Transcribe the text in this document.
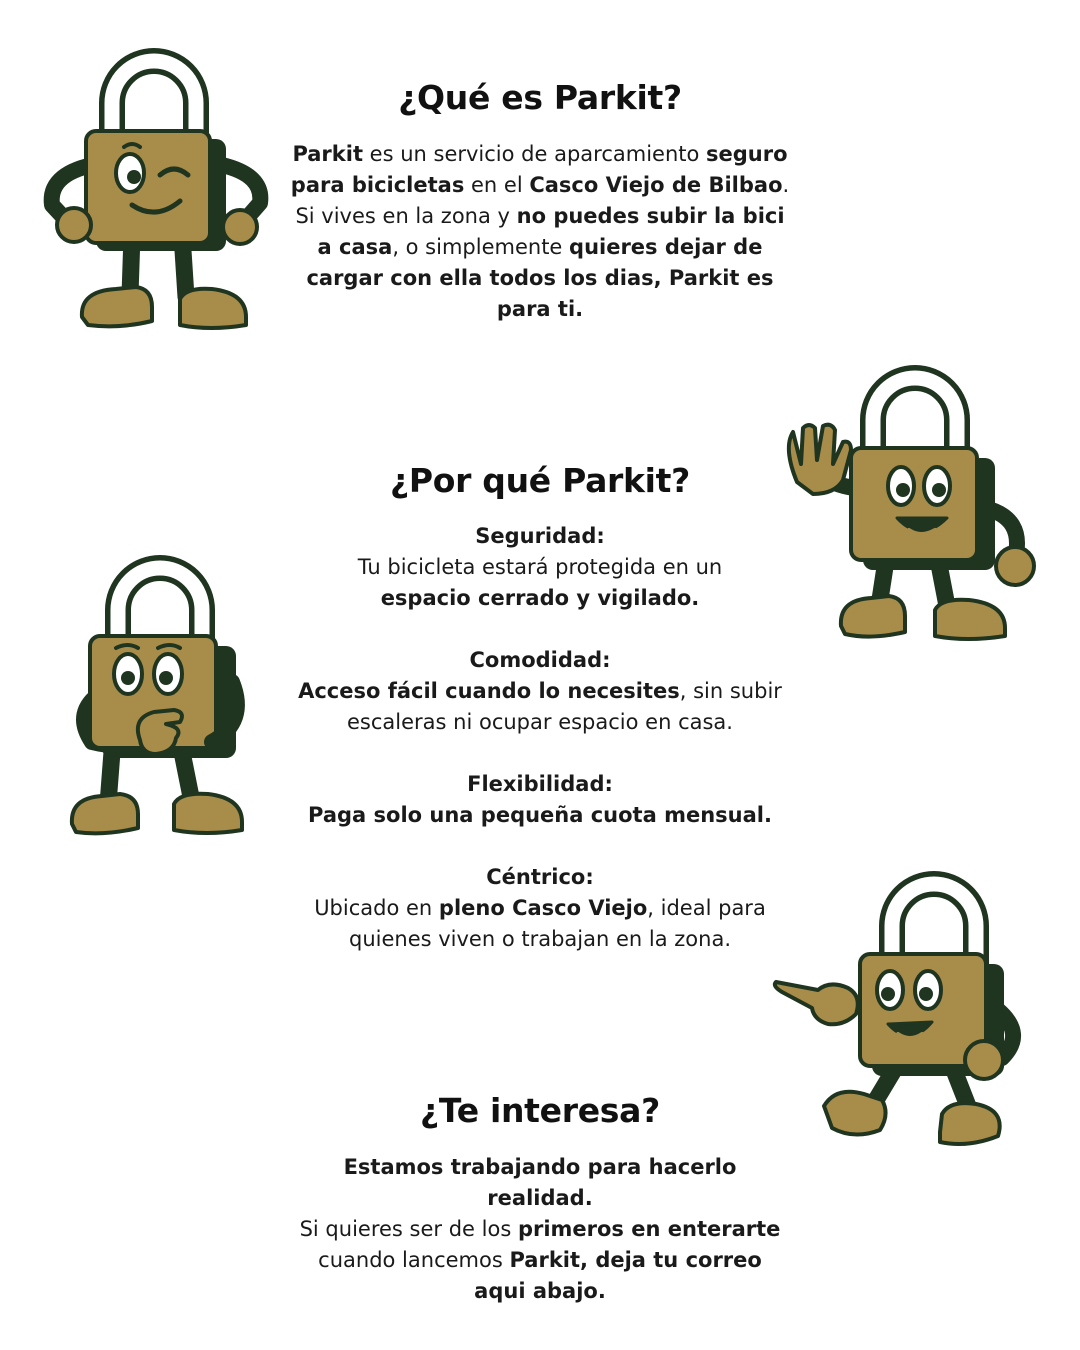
¿Qué es Parkit?

Parkit es un servicio de aparcamiento seguro para bicicletas en el Casco Viejo de Bilbao. Si vives en la zona y no puedes subir la bici a casa, o simplemente quieres dejar de cargar con ella todos los dias, Parkit es para ti.

¿Por qué Parkit?

Seguridad:
Tu bicicleta estará protegida en un
espacio cerrado y vigilado.

Comodidad:
Acceso fácil cuando lo necesites, sin subir escaleras ni ocupar espacio en casa.

Flexibilidad:
Paga solo una pequeña cuota mensual.

Céntrico:
Ubicado en pleno Casco Viejo, ideal para quienes viven o trabajan en la zona.

¿Te interesa?

Estamos trabajando para hacerlo realidad.
Si quieres ser de los primeros en enterarte cuando lancemos Parkit, deja tu correo aqui abajo.
